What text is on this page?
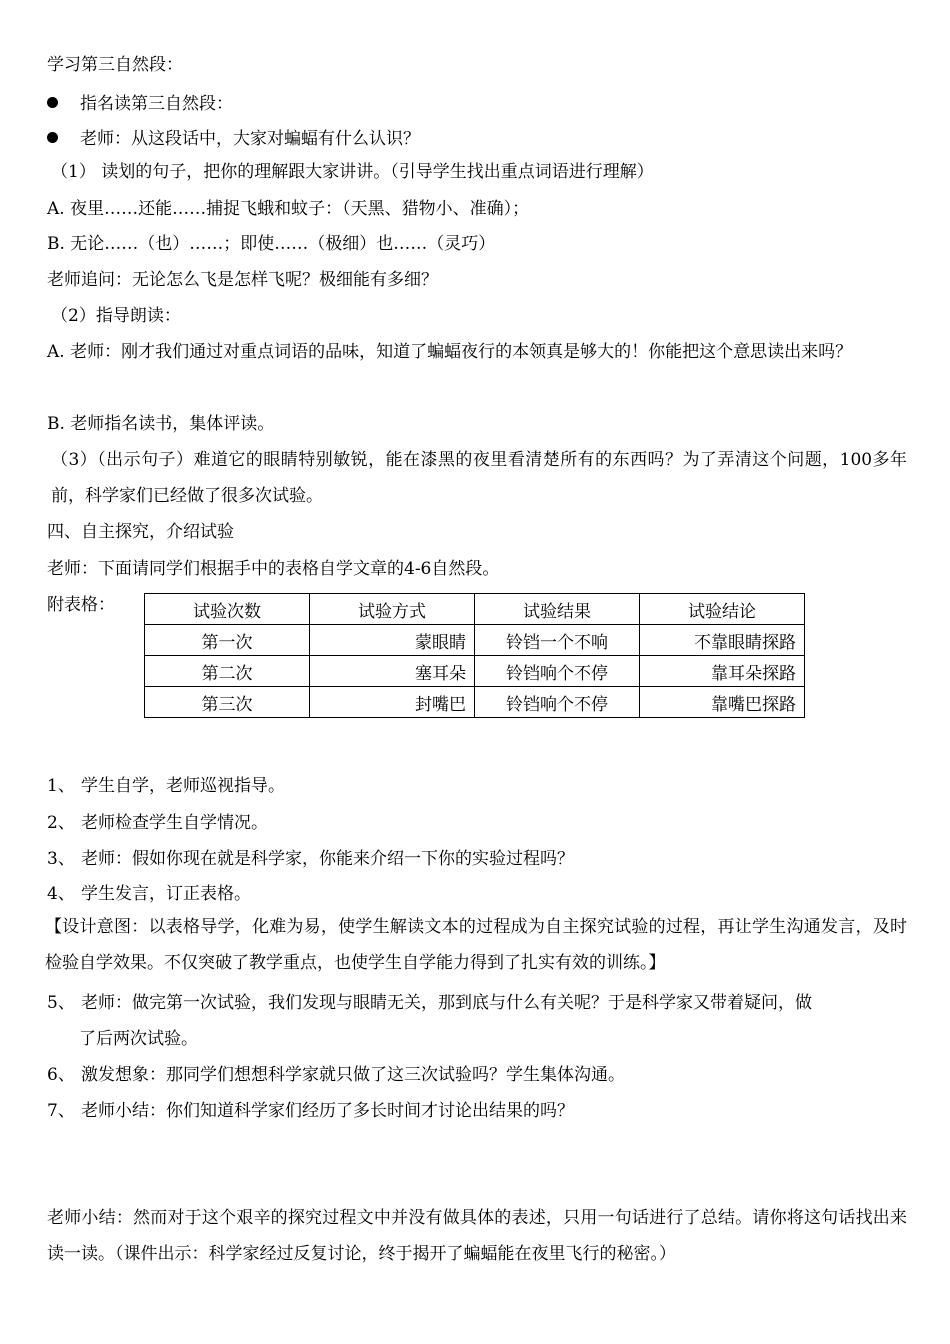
学习第三自然段：
指名读第三自然段：
老师：从这段话中，大家对蝙蝠有什么认识？
（1） 读划的句子，把你的理解跟大家讲讲。（引导学生找出重点词语进行理解）
A. 夜里……还能……捕捉飞蛾和蚊子：（天黑、猎物小、准确）；
B. 无论……（也）……；即使……（极细）也……（灵巧）
老师追问：无论怎么飞是怎样飞呢？极细能有多细？
（2）指导朗读：
A. 老师：刚才我们通过对重点词语的品味，知道了蝙蝠夜行的本领真是够大的！你能把这个意思读出来吗？
B. 老师指名读书，集体评读。
（3）（出示句子）难道它的眼睛特别敏锐，能在漆黑的夜里看清楚所有的东西吗？为了弄清这个问题，100多年前，科学家们已经做了很多次试验。
四、自主探究，介绍试验
老师：下面请同学们根据手中的表格自学文章的4-6自然段。
附表格：	试验次数	试验方式	试验结果	试验结论
第一次	蒙眼睛	铃铛一个不响	不靠眼睛探路
第二次	塞耳朵	铃铛响个不停	靠耳朵探路
第三次	封嘴巴	铃铛响个不停	靠嘴巴探路
1、 学生自学，老师巡视指导。
2、 老师检查学生自学情况。
3、 老师：假如你现在就是科学家，你能来介绍一下你的实验过程吗？
4、 学生发言，订正表格。
【设计意图：以表格导学，化难为易，使学生解读文本的过程成为自主探究试验的过程，再让学生沟通发言，及时检验自学效果。不仅突破了教学重点，也使学生自学能力得到了扎实有效的训练。】
5、 老师：做完第一次试验，我们发现与眼睛无关，那到底与什么有关呢？于是科学家又带着疑问，做
了后两次试验。
6、 激发想象：那同学们想想科学家就只做了这三次试验吗？学生集体沟通。
7、 老师小结：你们知道科学家们经历了多长时间才讨论出结果的吗？
老师小结：然而对于这个艰辛的探究过程文中并没有做具体的表述，只用一句话进行了总结。请你将这句话找出来读一读。（课件出示：科学家经过反复讨论，终于揭开了蝙蝠能在夜里飞行的秘密。）
